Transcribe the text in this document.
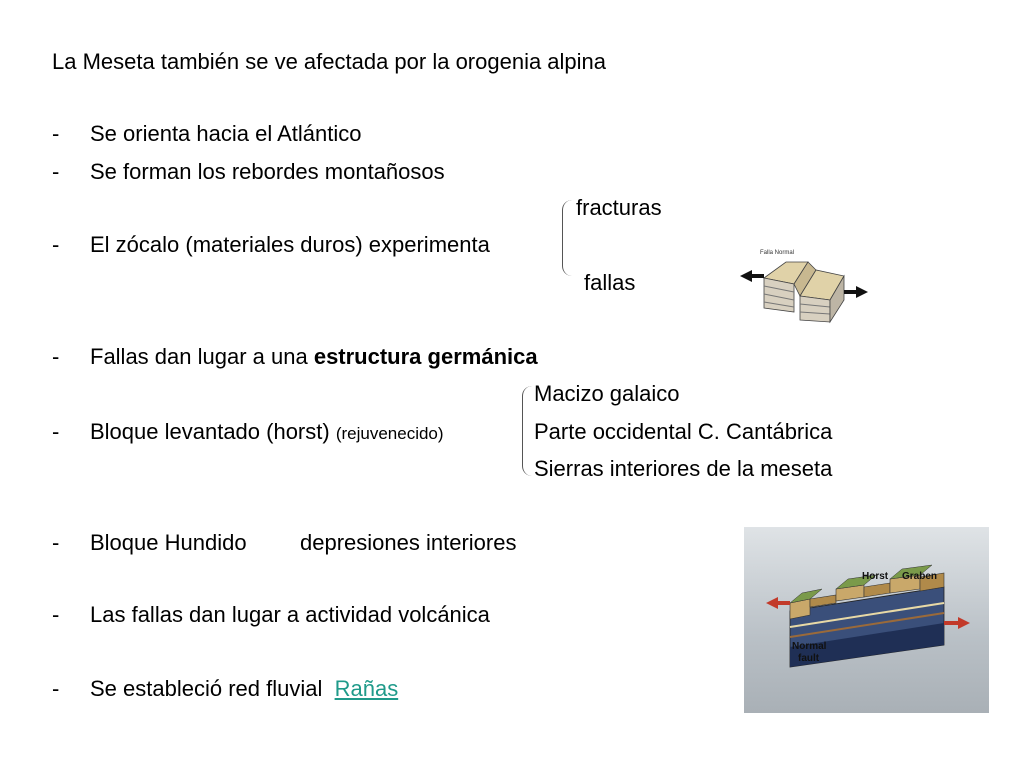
La Meseta también se ve afectada por la orogenia alpina
- Se orienta hacia el Atlántico
- Se forman los rebordes montañosos
fracturas
- El zócalo (materiales duros) experimenta
fallas
Falla Normal
- Fallas dan lugar a una estructura germánica
Macizo galaico
- Bloque levantado (horst) (rejuvenecido)	Parte occidental C. Cantábrica
Sierras interiores de la meseta
- Bloque Hundido depresiones interiores
- Las fallas dan lugar a actividad volcánica
- Se estableció red fluvial Rañas
Horst Graben
Normal
fault
